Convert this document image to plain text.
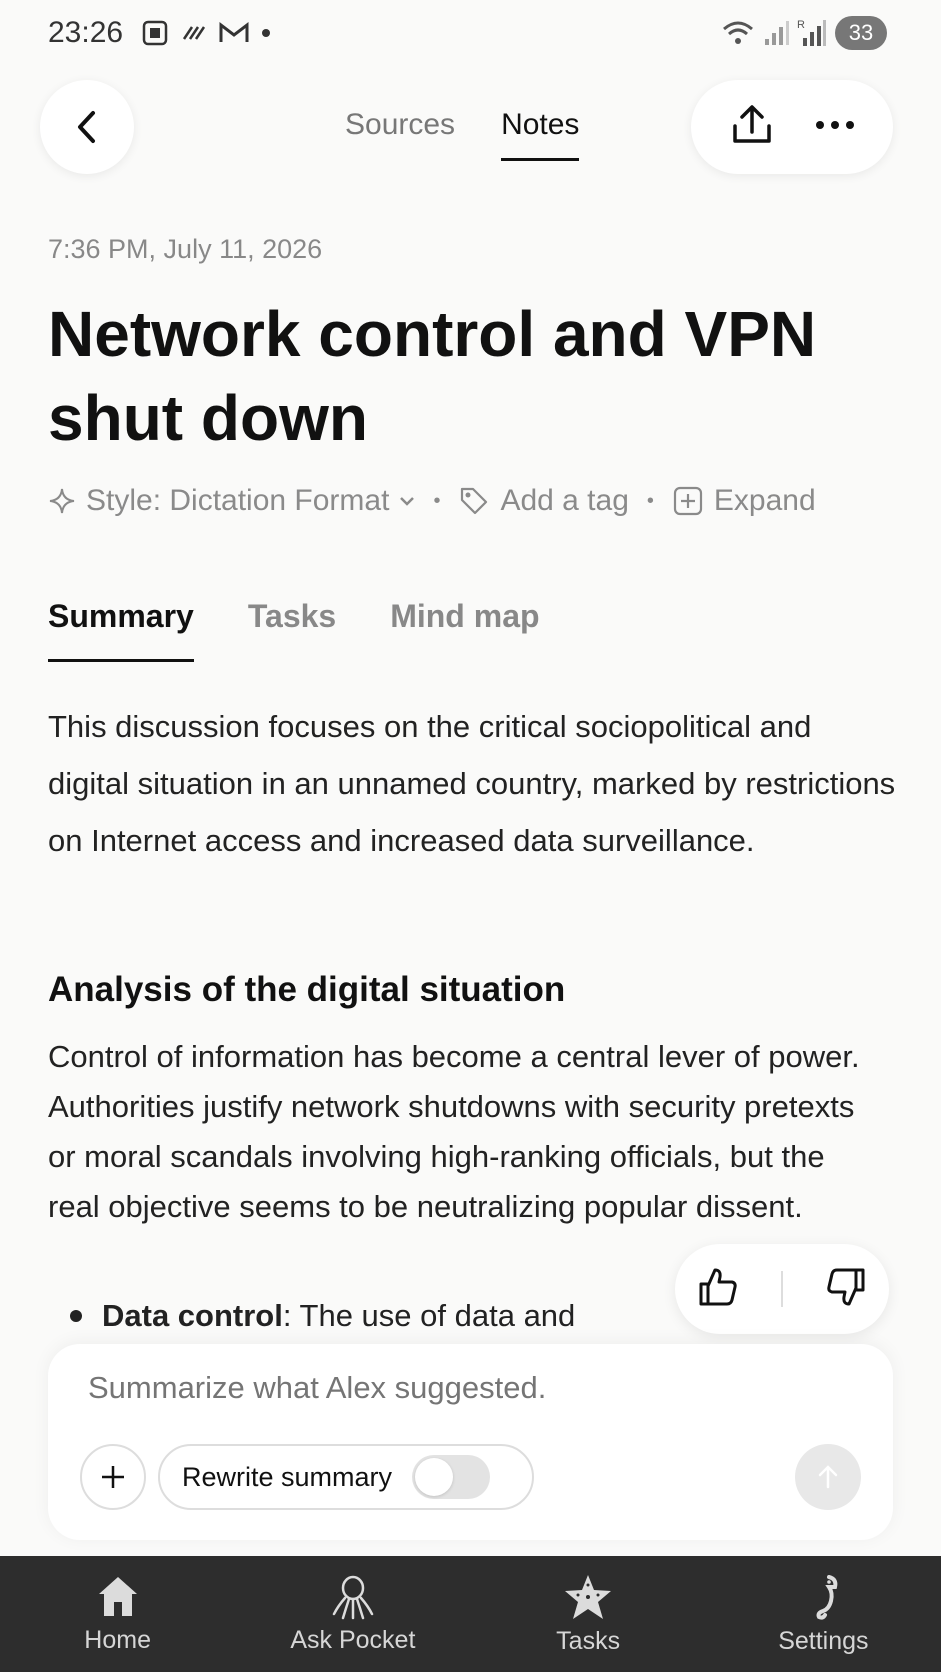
23:26	R 33
Sources Notes
7:36 PM, July 11, 2026
Network control and VPN shut down
Style: Dictation Format • Add a tag • Expand
Summary Tasks Mind map

This discussion focuses on the critical sociopolitical and digital situation in an unnamed country, marked by restrictions on Internet access and increased data surveillance.

Analysis of the digital situation

Control of information has become a central lever of power. Authorities justify network shutdowns with security pretexts or moral scandals involving high-ranking officials, but the real objective seems to be neutralizing popular dissent.

Data control: The use of data and
Summarize what Alex suggested.
Rewrite summary
Home	Ask Pocket	Tasks	Settings
